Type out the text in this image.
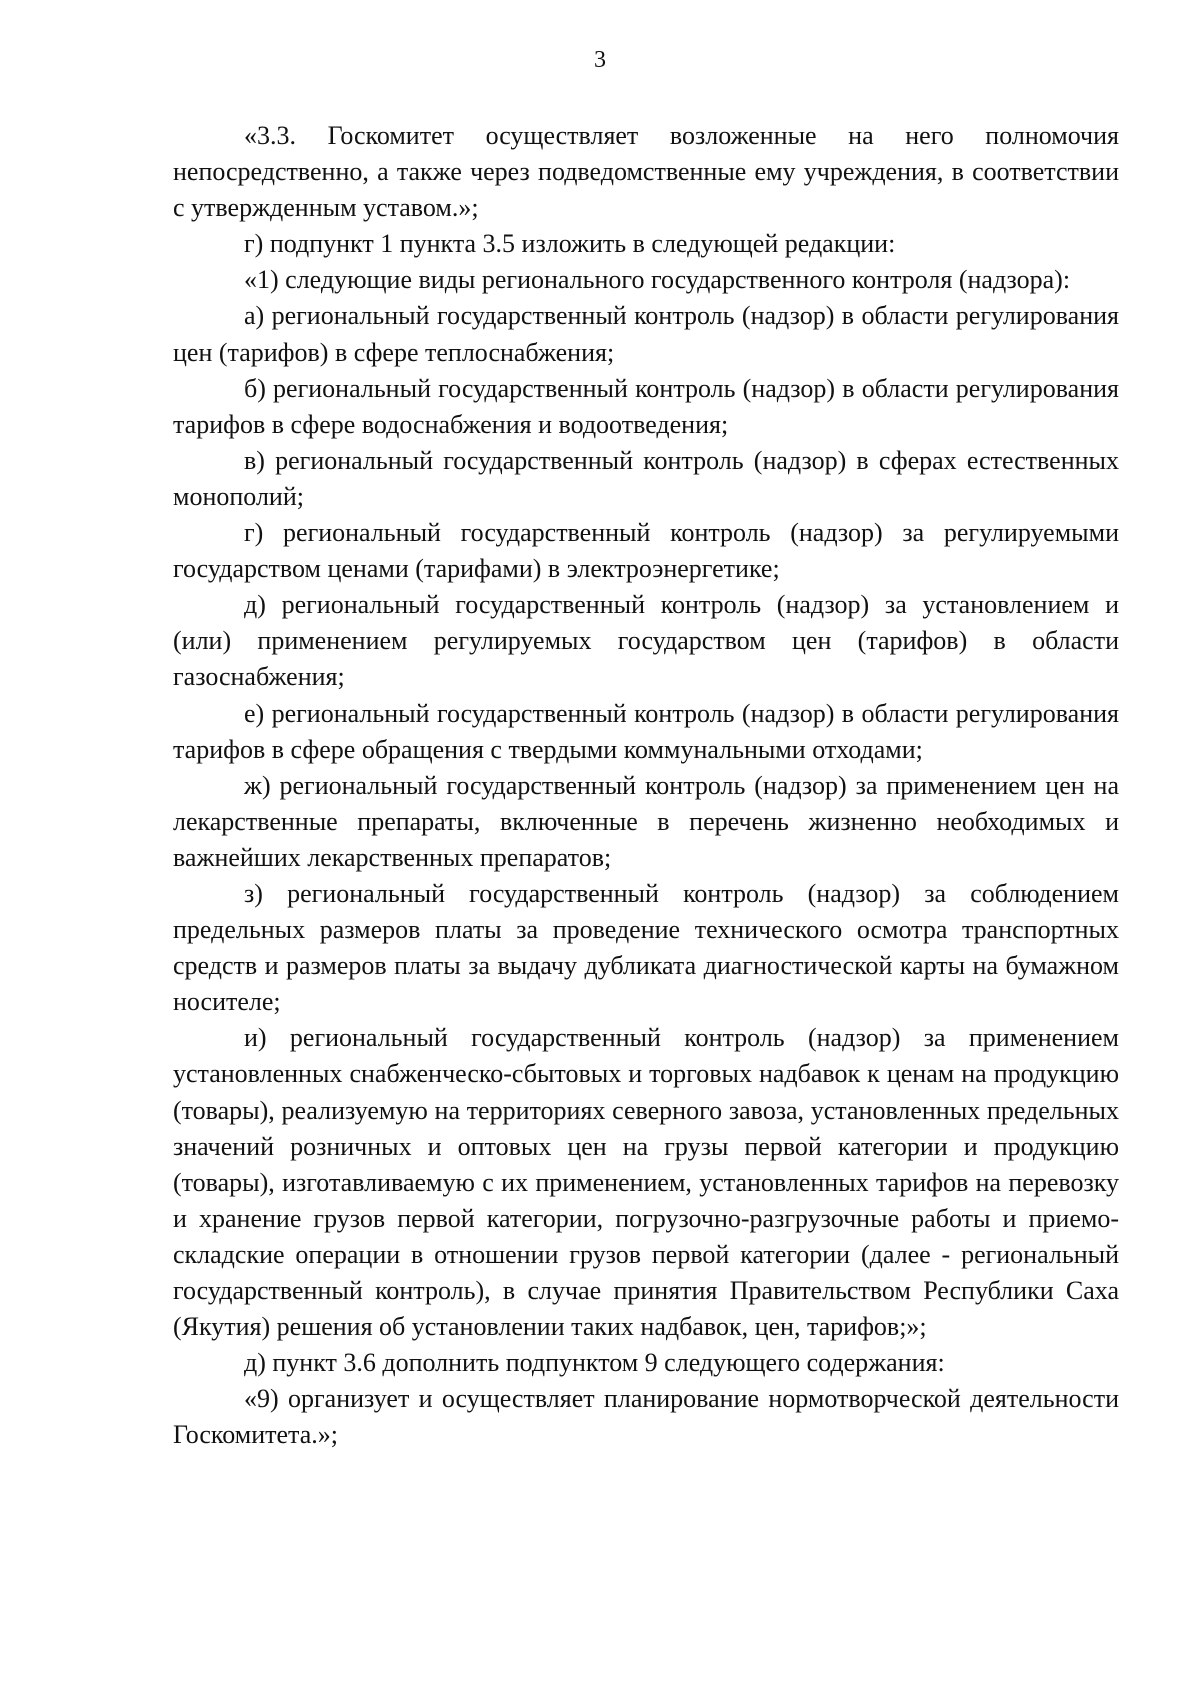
3

«3.3. Госкомитет осуществляет возложенные на него полномочия непосредственно, а также через подведомственные ему учреждения, в соответствии с утвержденным уставом.»;

г) подпункт 1 пункта 3.5 изложить в следующей редакции:

«1) следующие виды регионального государственного контроля (надзора):

а) региональный государственный контроль (надзор) в области регулирования цен (тарифов) в сфере теплоснабжения;

б) региональный государственный контроль (надзор) в области регулирования тарифов в сфере водоснабжения и водоотведения;

в) региональный государственный контроль (надзор) в сферах естественных монополий;

г) региональный государственный контроль (надзор) за регулируемыми государством ценами (тарифами) в электроэнергетике;

д) региональный государственный контроль (надзор) за установлением и (или) применением регулируемых государством цен (тарифов) в области газоснабжения;

е) региональный государственный контроль (надзор) в области регулирования тарифов в сфере обращения с твердыми коммунальными отходами;

ж) региональный государственный контроль (надзор) за применением цен на лекарственные препараты, включенные в перечень жизненно необходимых и важнейших лекарственных препаратов;

з) региональный государственный контроль (надзор) за соблюдением предельных размеров платы за проведение технического осмотра транспортных средств и размеров платы за выдачу дубликата диагностической карты на бумажном носителе;

и) региональный государственный контроль (надзор) за применением установленных снабженческо-сбытовых и торговых надбавок к ценам на продукцию (товары), реализуемую на территориях северного завоза, установленных предельных значений розничных и оптовых цен на грузы первой категории и продукцию (товары), изготавливаемую с их применением, установленных тарифов на перевозку и хранение грузов первой категории, погрузочно-разгрузочные работы и приемо-складские операции в отношении грузов первой категории (далее - региональный государственный контроль), в случае принятия Правительством Республики Саха (Якутия) решения об установлении таких надбавок, цен, тарифов;»;

д) пункт 3.6 дополнить подпунктом 9 следующего содержания:

«9) организует и осуществляет планирование нормотворческой деятельности Госкомитета.»;
